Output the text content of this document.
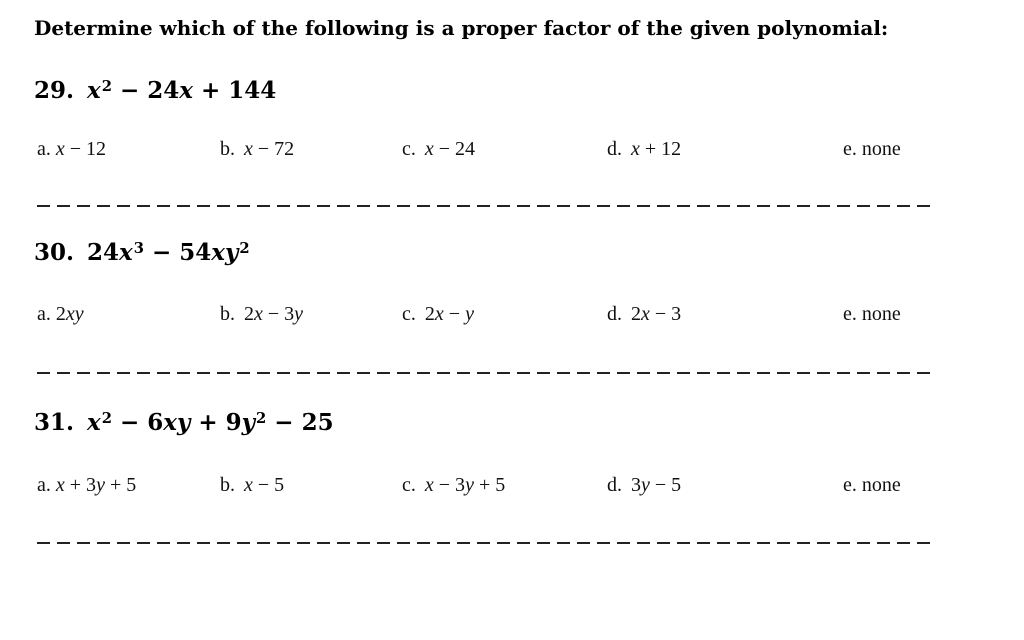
Determine which of the following is a proper factor of the given polynomial:
29. $x^2 - 24x + 144$
a. x − 12	b. x − 72	c. x − 24	d. x + 12	e. none
30. $24x^3 - 54xy^2$
a. 2xy	b. 2x − 3y	c. 2x − y	d. 2x − 3	e. none
31. $x^2 - 6xy + 9y^2 - 25$
a. x + 3y + 5	b. x − 5	c. x − 3y + 5	d. 3y − 5	e. none
